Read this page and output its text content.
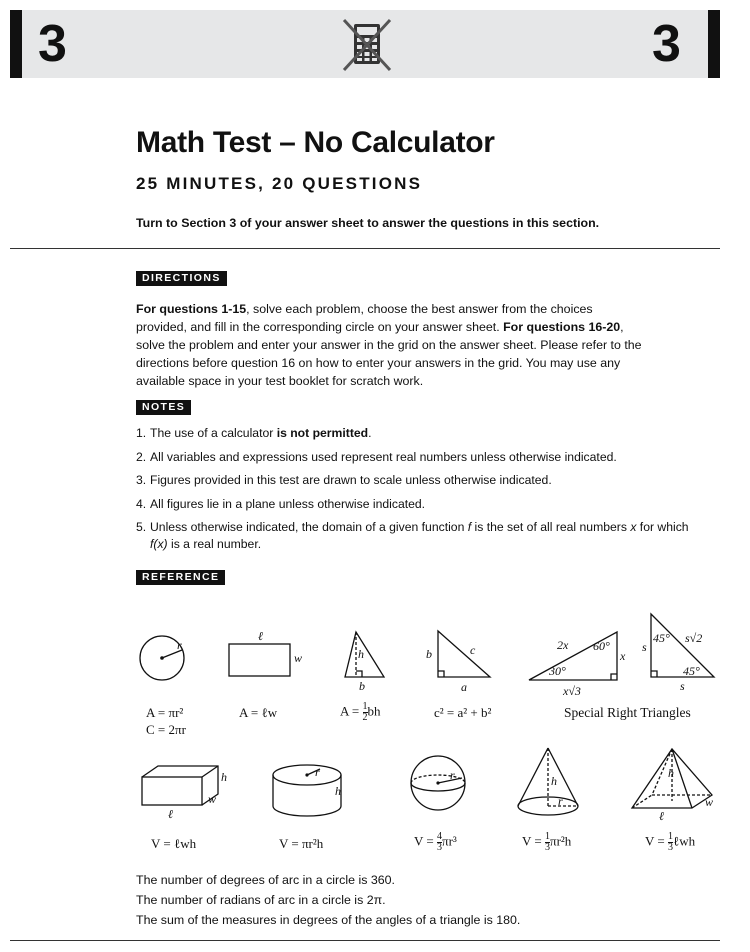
3	3
Math Test – No Calculator
25 MINUTES, 20 QUESTIONS
Turn to Section 3 of your answer sheet to answer the questions in this section.
DIRECTIONS
For questions 1-15, solve each problem, choose the best answer from the choices provided, and fill in the corresponding circle on your answer sheet. For questions 16-20, solve the problem and enter your answer in the grid on the answer sheet. Please refer to the directions before question 16 on how to enter your answers in the grid. You may use any available space in your test booklet for scratch work.
NOTES
1. The use of a calculator is not permitted.
2. All variables and expressions used represent real numbers unless otherwise indicated.
3. Figures provided in this test are drawn to scale unless otherwise indicated.
4. All figures lie in a plane unless otherwise indicated.
5. Unless otherwise indicated, the domain of a given function f is the set of all real numbers x for which f(x) is a real number.
REFERENCE
r
ℓ
w	h
b
b	c
a
2x 60°
x
30°
x√3
45° s√2
s
45°
s
h
w
ℓ
r
h
r	h
r
h
w
ℓ
A = πr²
C = 2πr
A = ℓw	$A = \frac{1}{2}$ bh	c² = a² + b²	Special Right Triangles
V = ℓwh	V = πr²h	$V = \frac{4}{3} \pi r^3$	$V = \frac{1}{3} \pi r^2h$	$V = \frac{1}{3}$ ℓwh
The number of degrees of arc in a circle is 360.
The number of radians of arc in a circle is 2π.
The sum of the measures in degrees of the angles of a triangle is 180.
